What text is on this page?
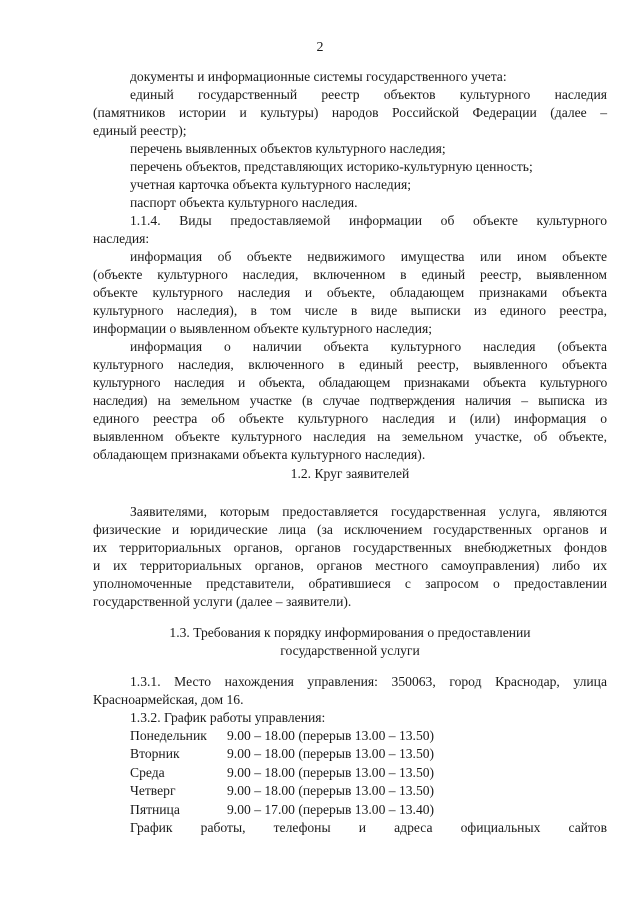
2
документы и информационные системы государственного учета:
единый государственный реестр объектов культурного наследия
(памятников истории и культуры) народов Российской Федерации (далее –
единый реестр);
перечень выявленных объектов культурного наследия;
перечень объектов, представляющих историко-культурную ценность;
учетная карточка объекта культурного наследия;
паспорт объекта культурного наследия.
1.1.4. Виды предоставляемой информации об объекте культурного
наследия:
информация об объекте недвижимого имущества или ином объекте
(объекте культурного наследия, включенном в единый реестр, выявленном
объекте культурного наследия и объекте, обладающем признаками объекта
культурного наследия), в том числе в виде выписки из единого реестра,
информации о выявленном объекте культурного наследия;
информация о наличии объекта культурного наследия (объекта
культурного наследия, включенного в единый реестр, выявленного объекта
культурного наследия и объекта, обладающем признаками объекта культурного
наследия) на земельном участке (в случае подтверждения наличия – выписка из
единого реестра об объекте культурного наследия и (или) информация о
выявленном объекте культурного наследия на земельном участке, об объекте,
обладающем признаками объекта культурного наследия).
1.2. Круг заявителей
Заявителями, которым предоставляется государственная услуга, являются
физические и юридические лица (за исключением государственных органов и
их территориальных органов, органов государственных внебюджетных фондов
и их территориальных органов, органов местного самоуправления) либо их
уполномоченные представители, обратившиеся с запросом о предоставлении
государственной услуги (далее – заявители).
1.3. Требования к порядку информирования о предоставлении
государственной услуги
1.3.1. Место нахождения управления: 350063, город Краснодар, улица
Красноармейская, дом 16.
1.3.2. График работы управления:
График работы, телефоны и адреса официальных сайтов
Понедельник 9.00 – 18.00 (перерыв 13.00 – 13.50)
Вторник	9.00 – 18.00 (перерыв 13.00 – 13.50)
Среда	9.00 – 18.00 (перерыв 13.00 – 13.50)
Четверг	9.00 – 18.00 (перерыв 13.00 – 13.50)
Пятница	9.00 – 17.00 (перерыв 13.00 – 13.40)
